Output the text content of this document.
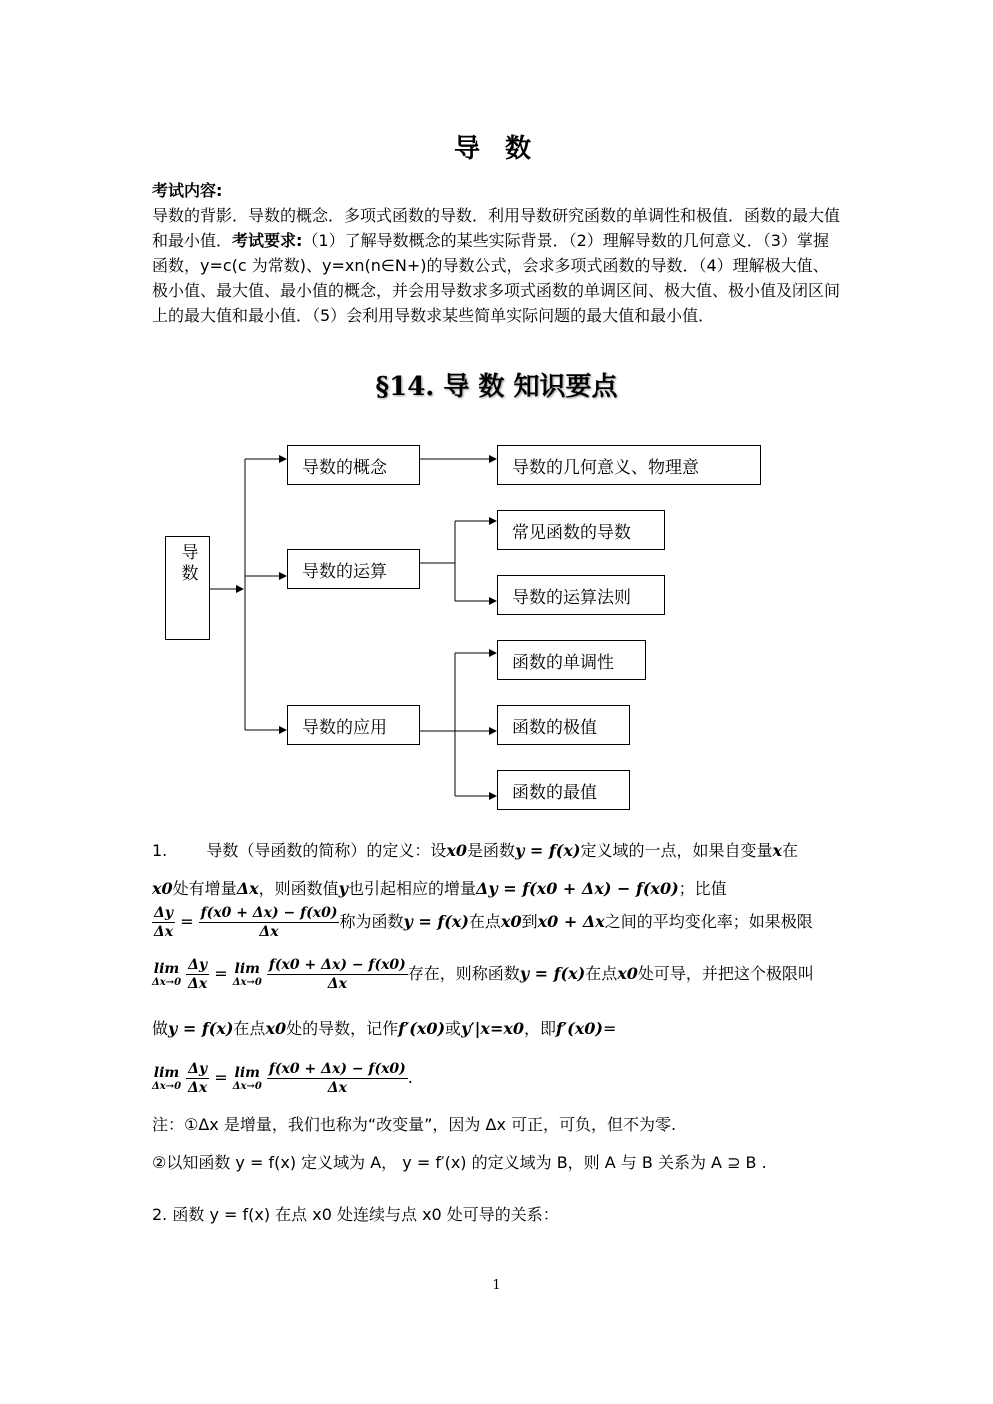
导 数
考试内容:
导数的背影．导数的概念．多项式函数的导数．利用导数研究函数的单调性和极值．函数的最大值和最小值．考试要求:（1）了解导数概念的某些实际背景．（2）理解导数的几何意义．（3）掌握函数，y=c(c 为常数)、y=xn(n∈N+)的导数公式，会求多项式函数的导数．（4）理解极大值、极小值、最大值、最小值的概念，并会用导数求多项式函数的单调区间、极大值、极小值及闭区间上的最大值和最小值．（5）会利用导数求某些简单实际问题的最大值和最小值．
§14. 导 数 知识要点
导数
导数的概念	导数的几何意义、物理意
导数的运算
常见函数的导数
导数的运算法则
导数的应用
函数的单调性
函数的极值
函数的最值
1. 导数（导函数的简称）的定义：设x0是函数y = f(x)定义域的一点，如果自变量x在
x0处有增量Δx，则函数值y也引起相应的增量Δy = f(x0 + Δx) − f(x0)；比值
$\frac{\Delta y}{\Delta x} = \frac{f(x0 + \Delta x) - f(x0)}{\Delta x}$ 称为函数y = f(x)在点x0到x0 + Δx之间的平均变化率；如果极限
lim
Δx→0
$\frac{\Delta y}{\Delta x} = \lim$
Δx→0
$\frac{f(x0 + \Delta x) - f(x0)}{\Delta x}$ 存在，则称函数y = f(x)在点x0处可导，并把这个极限叫
做y = f(x)在点x0处的导数，记作f′(x0)或y′|x=x0，即f′(x0)=
lim
Δx→0
$\frac{\Delta y}{\Delta x} = \lim$
Δx→0
$\frac{f(x0 + \Delta x) - f(x0)}{\Delta x}$ .
注：①Δx 是增量，我们也称为“改变量”，因为 Δx 可正，可负，但不为零.
②以知函数 y = f(x) 定义域为 A， y = f′(x) 的定义域为 B，则 A 与 B 关系为 A ⊇ B .
2. 函数 y = f(x) 在点 x0 处连续与点 x0 处可导的关系：
1
